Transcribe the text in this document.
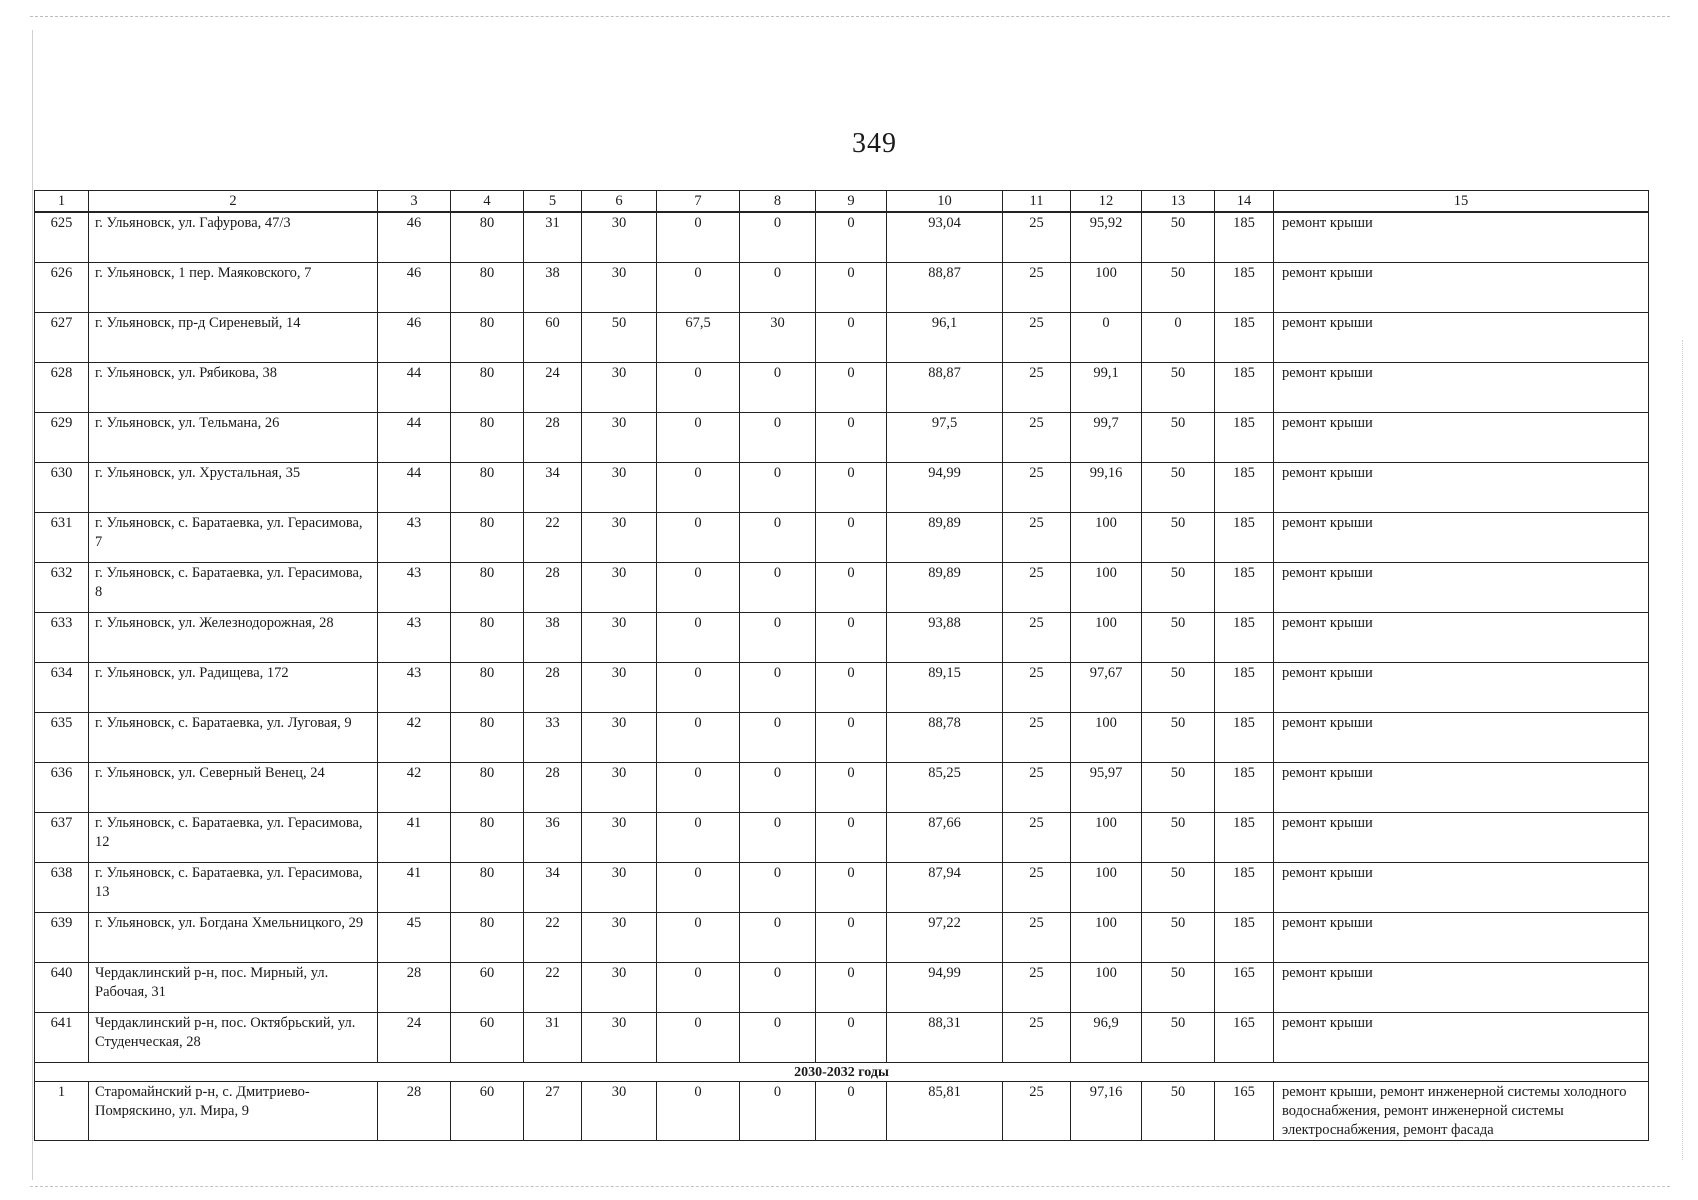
349
1	2	3	4	5	6	7	8	9	10	11	12	13	14	15
625	г. Ульяновск, ул. Гафурова, 47/3	46	80	31	30	0	0	0	93,04	25	95,92	50	185	ремонт крыши
626	г. Ульяновск, 1 пер. Маяковского, 7	46	80	38	30	0	0	0	88,87	25	100	50	185	ремонт крыши
627	г. Ульяновск, пр-д Сиреневый, 14	46	80	60	50	67,5	30	0	96,1	25	0	0	185	ремонт крыши
628	г. Ульяновск, ул. Рябикова, 38	44	80	24	30	0	0	0	88,87	25	99,1	50	185	ремонт крыши
629	г. Ульяновск, ул. Тельмана, 26	44	80	28	30	0	0	0	97,5	25	99,7	50	185	ремонт крыши
630	г. Ульяновск, ул. Хрустальная, 35	44	80	34	30	0	0	0	94,99	25	99,16	50	185	ремонт крыши
631	г. Ульяновск, с. Баратаевка, ул. Герасимова, 7	43	80	22	30	0	0	0	89,89	25	100	50	185	ремонт крыши
632	г. Ульяновск, с. Баратаевка, ул. Герасимова, 8	43	80	28	30	0	0	0	89,89	25	100	50	185	ремонт крыши
633	г. Ульяновск, ул. Железнодорожная, 28	43	80	38	30	0	0	0	93,88	25	100	50	185	ремонт крыши
634	г. Ульяновск, ул. Радищева, 172	43	80	28	30	0	0	0	89,15	25	97,67	50	185	ремонт крыши
635	г. Ульяновск, с. Баратаевка, ул. Луговая, 9	42	80	33	30	0	0	0	88,78	25	100	50	185	ремонт крыши
636	г. Ульяновск, ул. Северный Венец, 24	42	80	28	30	0	0	0	85,25	25	95,97	50	185	ремонт крыши
637	г. Ульяновск, с. Баратаевка, ул. Герасимова, 12	41	80	36	30	0	0	0	87,66	25	100	50	185	ремонт крыши
638	г. Ульяновск, с. Баратаевка, ул. Герасимова, 13	41	80	34	30	0	0	0	87,94	25	100	50	185	ремонт крыши
639	г. Ульяновск, ул. Богдана Хмельницкого, 29	45	80	22	30	0	0	0	97,22	25	100	50	185	ремонт крыши
640	Чердаклинский р-н, пос. Мирный, ул. Рабочая, 31	28	60	22	30	0	0	0	94,99	25	100	50	165	ремонт крыши
641	Чердаклинский р-н, пос. Октябрьский, ул. Студенческая, 28	24	60	31	30	0	0	0	88,31	25	96,9	50	165	ремонт крыши
2030-2032 годы														
1	Старомайнский р-н, с. Дмитриево-Помряскино, ул. Мира, 9	28	60	27	30	0	0	0	85,81	25	97,16	50	165	ремонт крыши, ремонт инженерной системы холодного водоснабжения, ремонт инженерной системы электроснабжения, ремонт фасада
